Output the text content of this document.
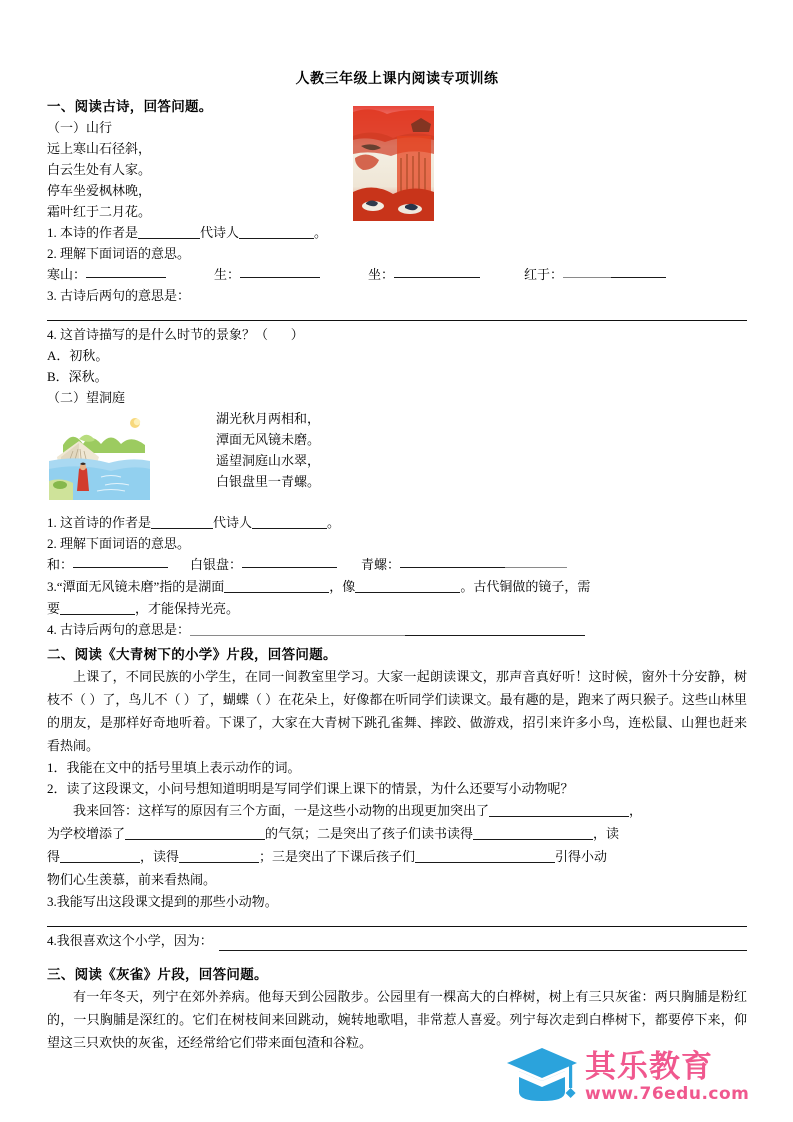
湖光秋月两相和，
潭面无风镜未磨。
遥望洞庭山水翠，
白银盘里一青螺。
人教三年级上课内阅读专项训练
一、阅读古诗，回答问题。
（一）山行
远上寒山石径斜，
白云生处有人家。
停车坐爱枫林晚，
霜叶红于二月花。
1. 本诗的作者是	代诗人	。
2. 理解下面词语的意思。
寒山：	生：	坐：	红于：
3. 古诗后两句的意思是：
4. 这首诗描写的是什么时节的景象？（       ）
A．初秋。
B．深秋。
（二）望洞庭
1. 这首诗的作者是	代诗人	。
2. 理解下面词语的意思。
和：	白银盘：	青螺：
3.“潭面无风镜未磨”指的是湖面	，像	。古代铜做的镜子，需
要	，才能保持光亮。
4. 古诗后两句的意思是：
二、阅读《大青树下的小学》片段，回答问题。
上课了，不同民族的小学生，在同一间教室里学习。大家一起朗读课文，那声音真好听！这时候，窗外十分安静，树枝不（ ）了，鸟儿不（ ）了，蝴蝶（ ）在花朵上，好像都在听同学们读课文。最有趣的是，跑来了两只猴子。这些山林里的朋友，是那样好奇地听着。下课了，大家在大青树下跳孔雀舞、摔跤、做游戏，招引来许多小鸟，连松鼠、山狸也赶来看热闹。
1．我能在文中的括号里填上表示动作的词。
2．读了这段课文，小问号想知道明明是写同学们课上课下的情景，为什么还要写小动物呢？
我来回答：这样写的原因有三个方面，一是这些小动物的出现更加突出了	，
为学校增添了	的气氛；二是突出了孩子们读书读得	，读
得	，读得	；三是突出了下课后孩子们	引得小动
物们心生羡慕，前来看热闹。
3.我能写出这段课文提到的那些小动物。
4.我很喜欢这个小学，因为：
三、阅读《灰雀》片段，回答问题。
有一年冬天，列宁在郊外养病。他每天到公园散步。公园里有一棵高大的白桦树，树上有三只灰雀：两只胸脯是粉红的，一只胸脯是深红的。它们在树枝间来回跳动，婉转地歌唱，非常惹人喜爱。列宁每次走到白桦树下，都要停下来，仰望这三只欢快的灰雀，还经常给它们带来面包渣和谷粒。
其乐教育
www.76edu.com
